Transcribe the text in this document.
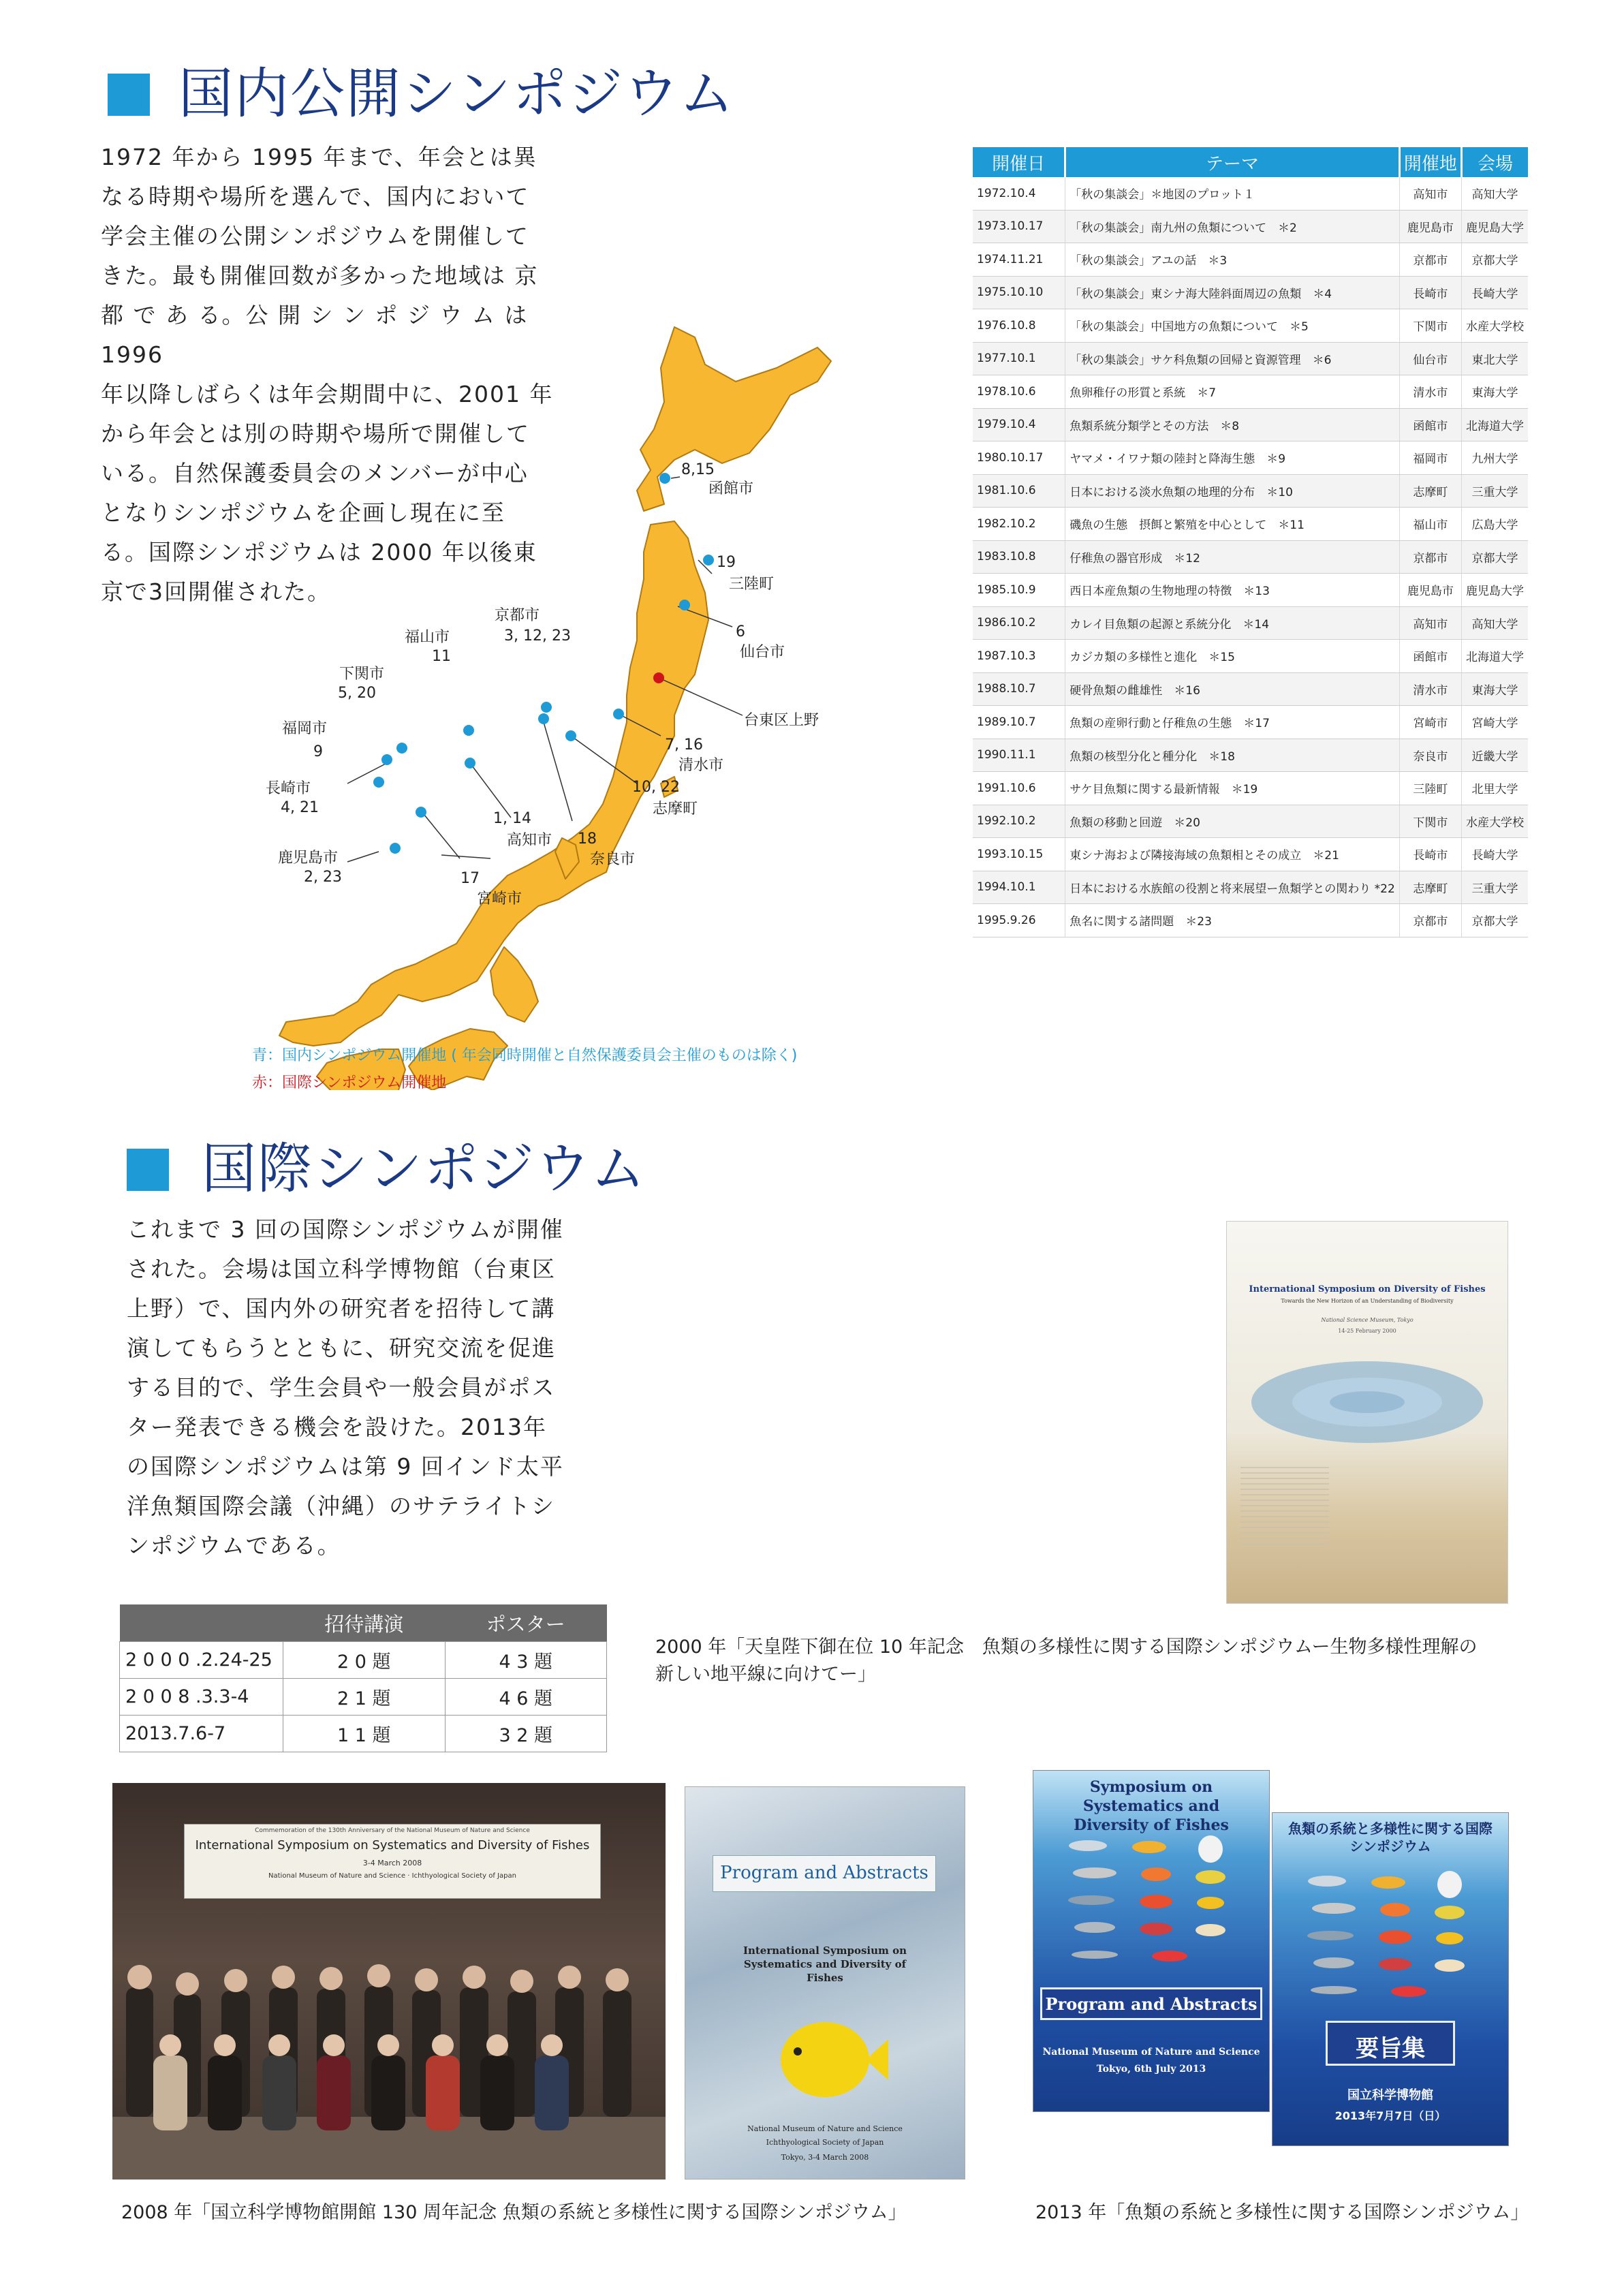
国内公開シンポジウム

1972 年から 1995 年まで、年会とは異

なる時期や場所を選んで、国内において

学会主催の公開シンポジウムを開催して

きた。最も開催回数が多かった地域は 京

都 で あ る。公 開 シ ン ポ ジ ウ ム は1996

年以降しばらくは年会期間中に、2001 年

から年会とは別の時期や場所で開催して

いる。自然保護委員会のメンバーが中心

となりシンポジウムを企画し現在に至

る。国際シンポジウムは 2000 年以後東

京で3回開催された。

開催日	テーマ	開催地	会場
1972.10.4	「秋の集談会」＊地図のプロット１	高知市	高知大学
1973.10.17	「秋の集談会」南九州の魚類について　＊2	鹿児島市	鹿児島大学
1974.11.21	「秋の集談会」アユの話　＊3	京都市	京都大学
1975.10.10	「秋の集談会」東シナ海大陸斜面周辺の魚類　＊4	長崎市	長崎大学
1976.10.8	「秋の集談会」中国地方の魚類について　＊5	下関市	水産大学校
1977.10.1	「秋の集談会」サケ科魚類の回帰と資源管理　＊6	仙台市	東北大学
1978.10.6	魚卵稚仔の形質と系統　＊7	清水市	東海大学
1979.10.4	魚類系統分類学とその方法　＊8	函館市	北海道大学
1980.10.17	ヤマメ・イワナ類の陸封と降海生態　＊9	福岡市	九州大学
1981.10.6	日本における淡水魚類の地理的分布　＊10	志摩町	三重大学
1982.10.2	磯魚の生態　摂餌と繁殖を中心として　＊11	福山市	広島大学
1983.10.8	仔稚魚の器官形成　＊12	京都市	京都大学
1985.10.9	西日本産魚類の生物地理の特徴　＊13	鹿児島市	鹿児島大学
1986.10.2	カレイ目魚類の起源と系統分化　＊14	高知市	高知大学
1987.10.3	カジカ類の多様性と進化　＊15	函館市	北海道大学
1988.10.7	硬骨魚類の雌雄性　＊16	清水市	東海大学
1989.10.7	魚類の産卵行動と仔稚魚の生態　＊17	宮崎市	宮崎大学
1990.11.1	魚類の核型分化と種分化　＊18	奈良市	近畿大学
1991.10.6	サケ目魚類に関する最新情報　＊19	三陸町	北里大学
1992.10.2	魚類の移動と回遊　＊20	下関市	水産大学校
1993.10.15	東シナ海および隣接海域の魚類相とその成立　＊21	長崎市	長崎大学
1994.10.1	日本における水族館の役割と将来展望ー魚類学との関わり *22	志摩町	三重大学
1995.9.26	魚名に関する諸問題　＊23	京都市	京都大学
8,15
函館市
19
三陸町
6
仙台市
台東区上野
7, 16
清水市
10, 22
志摩町
18
奈良市
1, 14
高知市
17
宮崎市
鹿児島市
2, 23
長崎市
4, 21
福岡市
9
下関市
5, 20
福山市
11
京都市
3, 12, 23
青：国内シンポジウム開催地 ( 年会同時開催と自然保護委員会主催のものは除く)
赤：国際シンポジウム開催地
国際シンポジウム

これまで 3 回の国際シンポジウムが開催

された。会場は国立科学博物館（台東区

上野）で、国内外の研究者を招待して講

演してもらうとともに、研究交流を促進

する目的で、学生会員や一般会員がポス

ター発表できる機会を設けた。2013年

の国際シンポジウムは第 9 回インド太平

洋魚類国際会議（沖縄）のサテライトシ

ンポジウムである。

	招待講演	ポスター
2 0 0 0 .2.24-25	2 0 題	4 3 題
2 0 0 8 .3.3-4	2 1 題	4 6 題
2013.7.6-7	1 1 題	3 2 題
International Symposium on Diversity of Fishes
Towards the New Horizon of an Understanding of Biodiversity
National Science Museum, Tokyo
14-25 February 2000
2000 年「天皇陛下御在位 10 年記念　魚類の多様性に関する国際シンポジウムー生物多様性理解の
新しい地平線に向けてー」
Commemoration of the 130th Anniversary of the National Museum of Nature and Science
International Symposium on Systematics and Diversity of Fishes
3-4 March 2008
National Museum of Nature and Science · Ichthyological Society of Japan	Program and Abstracts
International Symposium on Systematics and Diversity of Fishes
National Museum of Nature and Science
Ichthyological Society of Japan
Tokyo, 3-4 March 2008
2008 年「国立科学博物館開館 130 周年記念 魚類の系統と多様性に関する国際シンポジウム」
Symposium on Systematics and Diversity of Fishes
Program and Abstracts
National Museum of Nature and Science
Tokyo, 6th July 2013
魚類の系統と多様性に関する国際シンポジウム
要旨集
国立科学博物館
2013年7月7日（日）
2013 年「魚類の系統と多様性に関する国際シンポジウム」
